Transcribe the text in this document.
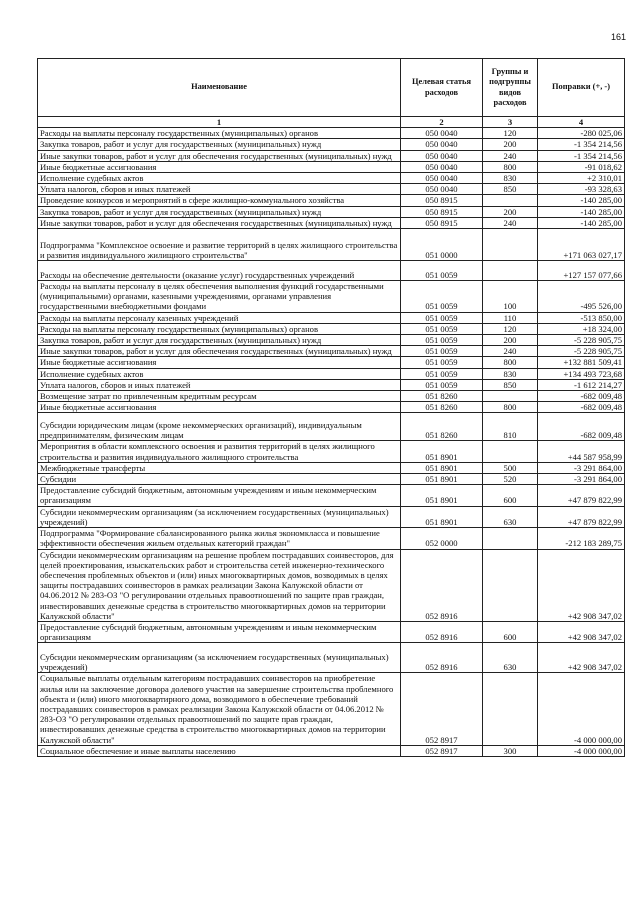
161
Наименование	Целевая статья расходов	Группы и подгруппы видов расходов	Поправки (+, -)
1	2	3	4
Расходы на выплаты персоналу государственных (муниципальных) органов	050 0040	120	-280 025,06
Закупка товаров, работ и услуг для государственных (муниципальных) нужд	050 0040	200	-1 354 214,56
Иные закупки товаров, работ и услуг для обеспечения государственных (муниципальных) нужд	050 0040	240	-1 354 214,56
Иные бюджетные ассигнования	050 0040	800	-91 018,62
Исполнение судебных актов	050 0040	830	+2 310,01
Уплата налогов, сборов и иных платежей	050 0040	850	-93 328,63
Проведение конкурсов и мероприятий в сфере жилищно-коммунального хозяйства	050 8915		-140 285,00
Закупка товаров, работ и услуг для государственных (муниципальных) нужд	050 8915	200	-140 285,00
Иные закупки товаров, работ и услуг для обеспечения государственных (муниципальных) нужд	050 8915	240	-140 285,00
Подпрограмма "Комплексное освоение и развитие территорий в целях жилищного строительства и развития индивидуального жилищного строительства"	051 0000		+171 063 027,17
Расходы на обеспечение деятельности (оказание услуг) государственных учреждений	051 0059		+127 157 077,66
Расходы на выплаты персоналу в целях обеспечения выполнения функций государственными (муниципальными) органами, казенными учреждениями, органами управления государственными внебюджетными фондами	051 0059	100	-495 526,00
Расходы на выплаты персоналу казенных учреждений	051 0059	110	-513 850,00
Расходы на выплаты персоналу государственных (муниципальных) органов	051 0059	120	+18 324,00
Закупка товаров, работ и услуг для государственных (муниципальных) нужд	051 0059	200	-5 228 905,75
Иные закупки товаров, работ и услуг для обеспечения государственных (муниципальных) нужд	051 0059	240	-5 228 905,75
Иные бюджетные ассигнования	051 0059	800	+132 881 509,41
Исполнение судебных актов	051 0059	830	+134 493 723,68
Уплата налогов, сборов и иных платежей	051 0059	850	-1 612 214,27
Возмещение затрат по привлеченным кредитным ресурсам	051 8260		-682 009,48
Иные бюджетные ассигнования	051 8260	800	-682 009,48
Субсидии юридическим лицам (кроме некоммерческих организаций), индивидуальным предпринимателям, физическим лицам	051 8260	810	-682 009,48
Мероприятия в области комплексного освоения и развития территорий в целях жилищного строительства и развития индивидуального жилищного строительства	051 8901		+44 587 958,99
Межбюджетные трансферты	051 8901	500	-3 291 864,00
Субсидии	051 8901	520	-3 291 864,00
Предоставление субсидий бюджетным, автономным учреждениям и иным некоммерческим организациям	051 8901	600	+47 879 822,99
Субсидии некоммерческим организациям (за исключением государственных (муниципальных) учреждений)	051 8901	630	+47 879 822,99
Подпрограмма "Формирование сбалансированного рынка жилья экономкласса и повышение эффективности обеспечения жильем отдельных категорий граждан"	052 0000		-212 183 289,75
Субсидии некоммерческим организациям на решение проблем пострадавших соинвесторов, для целей проектирования, изыскательских работ и строительства сетей инженерно-технического обеспечения проблемных объектов и (или) иных многоквартирных домов, возводимых в целях защиты пострадавших соинвесторов в рамках реализации Закона Калужской области от 04.06.2012 № 283-ОЗ "О регулировании отдельных правоотношений по защите прав граждан, инвестировавших денежные средства в строительство многоквартирных домов на территории Калужской области"	052 8916		+42 908 347,02
Предоставление субсидий бюджетным, автономным учреждениям и иным некоммерческим организациям	052 8916	600	+42 908 347,02
Субсидии некоммерческим организациям (за исключением государственных (муниципальных) учреждений)	052 8916	630	+42 908 347,02
Социальные выплаты отдельным категориям пострадавших соинвесторов на приобретение жилья или на заключение договора долевого участия на завершение строительства проблемного объекта и (или) иного многоквартирного дома, возводимого в обеспечение требований пострадавших соинвесторов в рамках реализации Закона Калужской области от 04.06.2012 № 283-ОЗ "О регулировании отдельных правоотношений по защите прав граждан, инвестировавших денежные средства в строительство многоквартирных домов на территории Калужской области"	052 8917		-4 000 000,00
Социальное обеспечение и иные выплаты населению	052 8917	300	-4 000 000,00
